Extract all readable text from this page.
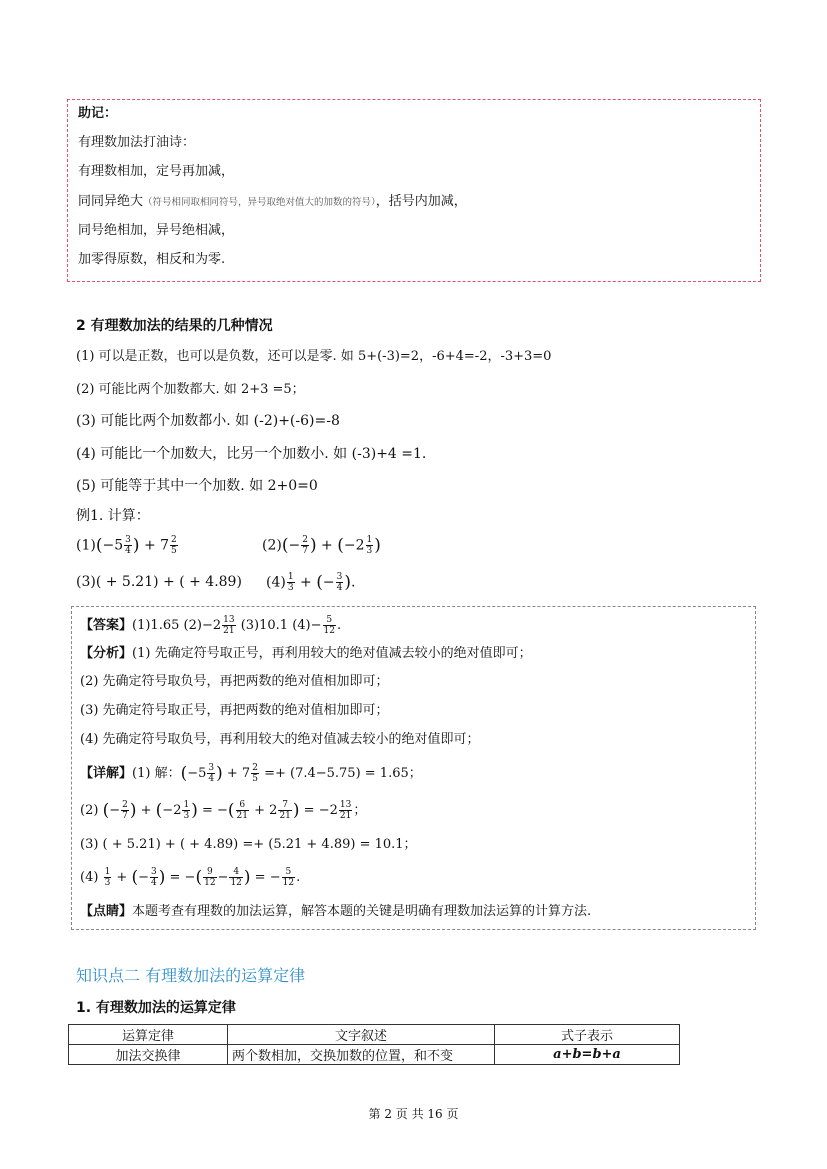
助记：
有理数加法打油诗：
有理数相加，定号再加减，
同同异绝大（符号相同取相同符号，异号取绝对值大的加数的符号），括号内加减，
同号绝相加，异号绝相减，
加零得原数，相反和为零.
2 有理数加法的结果的几种情况
(1) 可以是正数，也可以是负数，还可以是零. 如 5+(-3)=2，-6+4=-2，-3+3=0
(2) 可能比两个加数都大. 如 2+3 =5；
(3) 可能比两个加数都小. 如 (-2)+(-6)=-8
(4) 可能比一个加数大，比另一个加数小. 如 (-3)+4 =1.
(5) 可能等于其中一个加数. 如 2+0=0
例1. 计算：
$(1)(-5 \frac{3}{4}$ ) + $7 \frac{2}{5}$	$(2)(- \frac{2}{7}$ ) + ($-2 \frac{1}{3}$ )
(3)( + 5.21) + ( + 4.89) $(4) \frac{1}{3}$ + (− $\frac{3}{4}$ ).
【答案】(1)1.65 $(2)-2 \frac{13}{21} (3)10.1$ $(4)- \frac{5}{12}$ .
【分析】(1) 先确定符号取正号，再利用较大的绝对值减去较小的绝对值即可；
(2) 先确定符号取负号，再把两数的绝对值相加即可；
(3) 先确定符号取正号，再把两数的绝对值相加即可；
(4) 先确定符号取负号，再利用较大的绝对值减去较小的绝对值即可；
【详解】(1) 解：($-5 \frac{3}{4}$ ) + $7 \frac{2}{5} =+ (7.4-5.75) = 1.65$；
(2) (− $\frac{2}{7}$ ) + ($-2 \frac{1}{3}$ ) = −( $\frac{6}{21} + 2 \frac{7}{21}$ ) = $-2 \frac{13}{21}$ ；
(3) ( + 5.21) + ( + 4.89) =+ (5.21 + 4.89) = 10.1；
$(4) \frac{1}{3}$ + (− $\frac{3}{4}$ ) = −( $\frac{9}{12} - \frac{4}{12}$ ) = − $\frac{5}{12}$ .
【点睛】本题考查有理数的加法运算，解答本题的关键是明确有理数加法运算的计算方法.
知识点二 有理数加法的运算定律
1. 有理数加法的运算定律
运算定律	文字叙述	式子表示
加法交换律	两个数相加，交换加数的位置，和不变	a+b=b+a
第 2 页 共 16 页
